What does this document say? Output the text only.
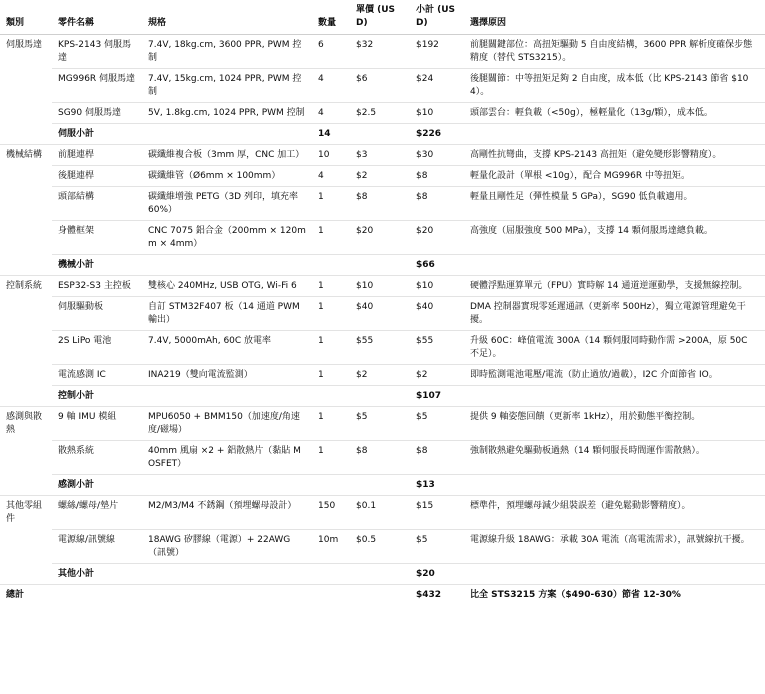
類別	零件名稱	規格	數量	單價 (USD)	小計 (USD)	選擇原因
伺服馬達	KPS-2143 伺服馬達	7.4V, 18kg.cm, 3600 PPR, PWM 控制	6	$32	$192	前腿關鍵部位：高扭矩驅動 5 自由度結構，3600 PPR 解析度確保步態精度（替代 STS3215）。
	MG996R 伺服馬達	7.4V, 15kg.cm, 1024 PPR, PWM 控制	4	$6	$24	後腿關節：中等扭矩足夠 2 自由度，成本低（比 KPS-2143 節省 $104）。
	SG90 伺服馬達	5V, 1.8kg.cm, 1024 PPR, PWM 控制	4	$2.5	$10	頭部雲台：輕負載（<50g），極輕量化（13g/顆），成本低。
	伺服小計		14		$226	
機械結構	前腿連桿	碳纖維複合板（3mm 厚，CNC 加工）	10	$3	$30	高剛性抗彎曲，支撐 KPS-2143 高扭矩（避免變形影響精度）。
	後腿連桿	碳纖維管（Ø6mm × 100mm）	4	$2	$8	輕量化設計（單根 <10g），配合 MG996R 中等扭矩。
	頭部結構	碳纖維增強 PETG（3D 列印，填充率 60%）	1	$8	$8	輕量且剛性足（彈性模量 5 GPa），SG90 低負載適用。
	身體框架	CNC 7075 鋁合金（200mm × 120mm × 4mm）	1	$20	$20	高強度（屈服強度 500 MPa），支撐 14 顆伺服馬達總負載。
	機械小計				$66	
控制系統	ESP32-S3 主控板	雙核心 240MHz, USB OTG, Wi-Fi 6	1	$10	$10	硬體浮點運算單元（FPU）實時解 14 通道逆運動學，支援無線控制。
	伺服驅動板	自訂 STM32F407 板（14 通道 PWM 輸出）	1	$40	$40	DMA 控制器實現零延遲通訊（更新率 500Hz），獨立電源管理避免干擾。
	2S LiPo 電池	7.4V, 5000mAh, 60C 放電率	1	$55	$55	升級 60C：峰值電流 300A（14 顆伺服同時動作需 >200A，原 50C 不足）。
	電流感測 IC	INA219（雙向電流監測）	1	$2	$2	即時監測電池電壓/電流（防止過放/過載），I2C 介面節省 IO。
	控制小計				$107	
感測與散熱	9 軸 IMU 模組	MPU6050 + BMM150（加速度/角速度/磁場）	1	$5	$5	提供 9 軸姿態回饋（更新率 1kHz），用於動態平衡控制。
	散熱系統	40mm 風扇 ×2 + 鋁散熱片（黏貼 MOSFET）	1	$8	$8	強制散熱避免驅動板過熱（14 顆伺服長時間運作需散熱）。
	感測小計				$13	
其他零組件	螺絲/螺母/墊片	M2/M3/M4 不銹鋼（預埋螺母設計）	150	$0.1	$15	標準件，預埋螺母減少組裝誤差（避免鬆動影響精度）。
	電源線/訊號線	18AWG 矽膠線（電源）+ 22AWG（訊號）	10m	$0.5	$5	電源線升級 18AWG：承載 30A 電流（高電流需求），訊號線抗干擾。
	其他小計				$20	
總計					$432	比全 STS3215 方案（$490-630）節省 12-30%
